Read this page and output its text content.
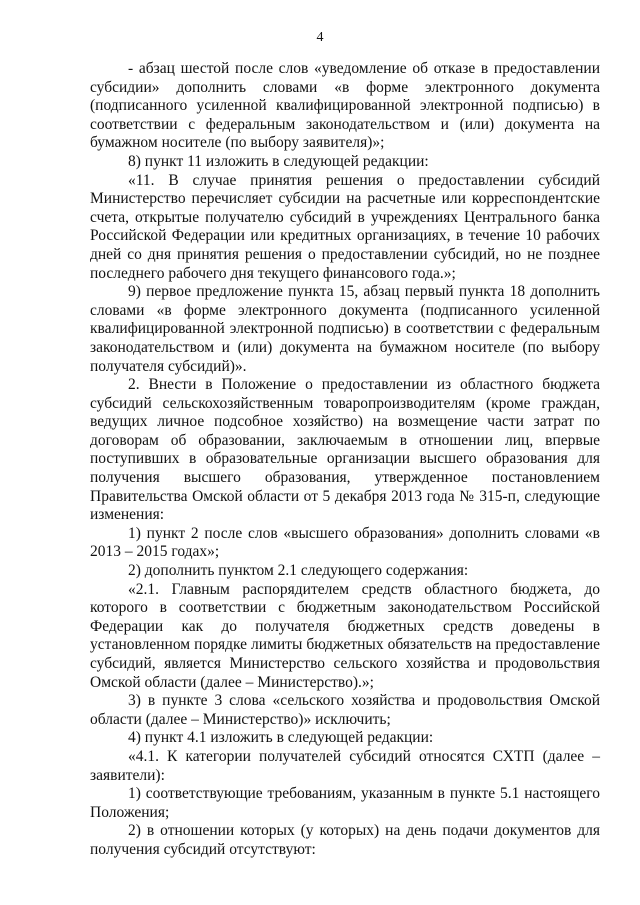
4

- абзац шестой после слов «уведомление об отказе в предоставлении субсидии» дополнить словами «в форме электронного документа (подписанного усиленной квалифицированной электронной подписью) в соответствии с федеральным законодательством и (или) документа на бумажном носителе (по выбору заявителя)»;

8) пункт 11 изложить в следующей редакции:

«11. В случае принятия решения о предоставлении субсидий Министерство перечисляет субсидии на расчетные или корреспондентские счета, открытые получателю субсидий в учреждениях Центрального банка Российской Федерации или кредитных организациях, в течение 10 рабочих дней со дня принятия решения о предоставлении субсидий, но не позднее последнего рабочего дня текущего финансового года.»;

9) первое предложение пункта 15, абзац первый пункта 18 дополнить словами «в форме электронного документа (подписанного усиленной квалифицированной электронной подписью) в соответствии с федеральным законодательством и (или) документа на бумажном носителе (по выбору получателя субсидий)».

2. Внести в Положение о предоставлении из областного бюджета субсидий сельскохозяйственным товаропроизводителям (кроме граждан, ведущих личное подсобное хозяйство) на возмещение части затрат по договорам об образовании, заключаемым в отношении лиц, впервые поступивших в образовательные организации высшего образования для получения высшего образования, утвержденное постановлением Правительства Омской области от 5 декабря 2013 года № 315-п, следующие изменения:

1) пункт 2 после слов «высшего образования» дополнить словами «в 2013 – 2015 годах»;

2) дополнить пунктом 2.1 следующего содержания:

«2.1. Главным распорядителем средств областного бюджета, до которого в соответствии с бюджетным законодательством Российской Федерации как до получателя бюджетных средств доведены в установленном порядке лимиты бюджетных обязательств на предоставление субсидий, является Министерство сельского хозяйства и продовольствия Омской области (далее – Министерство).»;

3) в пункте 3 слова «сельского хозяйства и продовольствия Омской области (далее – Министерство)» исключить;

4) пункт 4.1 изложить в следующей редакции:

«4.1. К категории получателей субсидий относятся СХТП (далее – заявители):

1) соответствующие требованиям, указанным в пункте 5.1 настоящего Положения;

2) в отношении которых (у которых) на день подачи документов для получения субсидий отсутствуют:
